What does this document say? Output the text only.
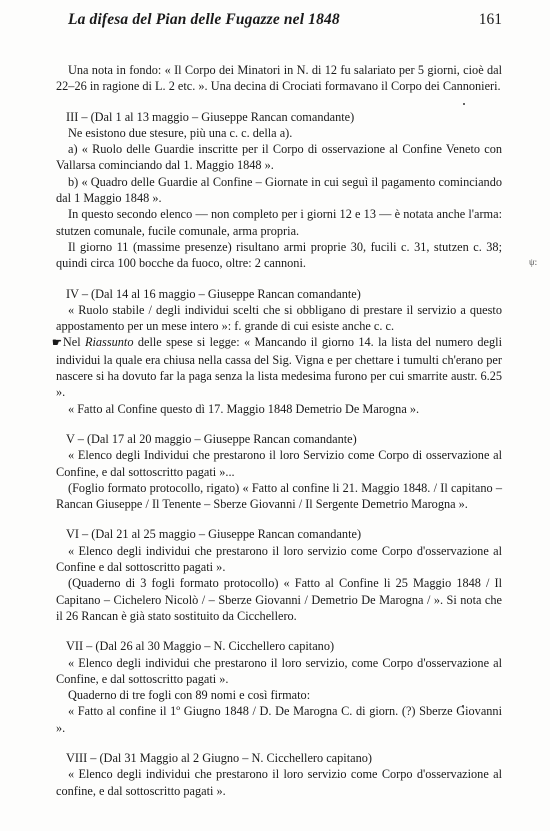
La difesa del Pian delle Fugazze nel 1848	161
ψ:

Una nota in fondo: « Il Corpo dei Minatori in N. di 12 fu salariato per 5 giorni, cioè dal 22–26 in ragione di L. 2 etc. ». Una decina di Crociati formavano il Corpo dei Cannonieri.

III – (Dal 1 al 13 maggio – Giuseppe Rancan comandante)

Ne esistono due stesure, più una c. c. della a).

a) « Ruolo delle Guardie inscritte per il Corpo di osservazione al Confine Veneto con Vallarsa cominciando dal 1. Maggio 1848 ».

b) « Quadro delle Guardie al Confine – Giornate in cui seguì il pagamento cominciando dal 1 Maggio 1848 ».

In questo secondo elenco — non completo per i giorni 12 e 13 — è notata anche l'arma: stutzen comunale, fucile comunale, arma propria.

Il giorno 11 (massime presenze) risultano armi proprie 30, fucili c. 31, stutzen c. 38; quindi circa 100 bocche da fuoco, oltre: 2 cannoni.

IV – (Dal 14 al 16 maggio – Giuseppe Rancan comandante)

« Ruolo stabile / degli individui scelti che si obbligano di prestare il servizio a questo appostamento per un mese intero »: f. grande di cui esiste anche c. c.

☛ Nel Riassunto delle spese si legge: « Mancando il giorno 14. la lista del numero degli individui la quale era chiusa nella cassa del Sig. Vigna e per chettare i tumulti ch'erano per nascere si ha dovuto far la paga senza la lista medesima furono per cui smarrite austr. 6.25 ».

« Fatto al Confine questo dì 17. Maggio 1848 Demetrio De Marogna ».

V – (Dal 17 al 20 maggio – Giuseppe Rancan comandante)

« Elenco degli Individui che prestarono il loro Servizio come Corpo di osservazione al Confine, e dal sottoscritto pagati »...

(Foglio formato protocollo, rigato) « Fatto al confine li 21. Maggio 1848. / Il capitano – Rancan Giuseppe / Il Tenente – Sberze Giovanni / Il Sergente Demetrio Marogna ».

VI – (Dal 21 al 25 maggio – Giuseppe Rancan comandante)

« Elenco degli individui che prestarono il loro servizio come Corpo d'osservazione al Confine e dal sottoscritto pagati ».

(Quaderno di 3 fogli formato protocollo) « Fatto al Confine li 25 Maggio 1848 / Il Capitano – Cichelero Nicolò / – Sberze Giovanni / Demetrio De Marogna / ». Si nota che il 26 Rancan è già stato sostituito da Cicchellero.

VII – (Dal 26 al 30 Maggio – N. Cicchellero capitano)

« Elenco degli individui che prestarono il loro servizio, come Corpo d'osservazione al Confine, e dal sottoscritto pagati ».

Quaderno di tre fogli con 89 nomi e così firmato:

« Fatto al confine il 1º Giugno 1848 / D. De Marogna C. di giorn. (?) Sberze Giovanni ».

VIII – (Dal 31 Maggio al 2 Giugno – N. Cicchellero capitano)

« Elenco degli individui che prestarono il loro servizio come Corpo d'osservazione al confine, e dal sottoscritto pagati ».
